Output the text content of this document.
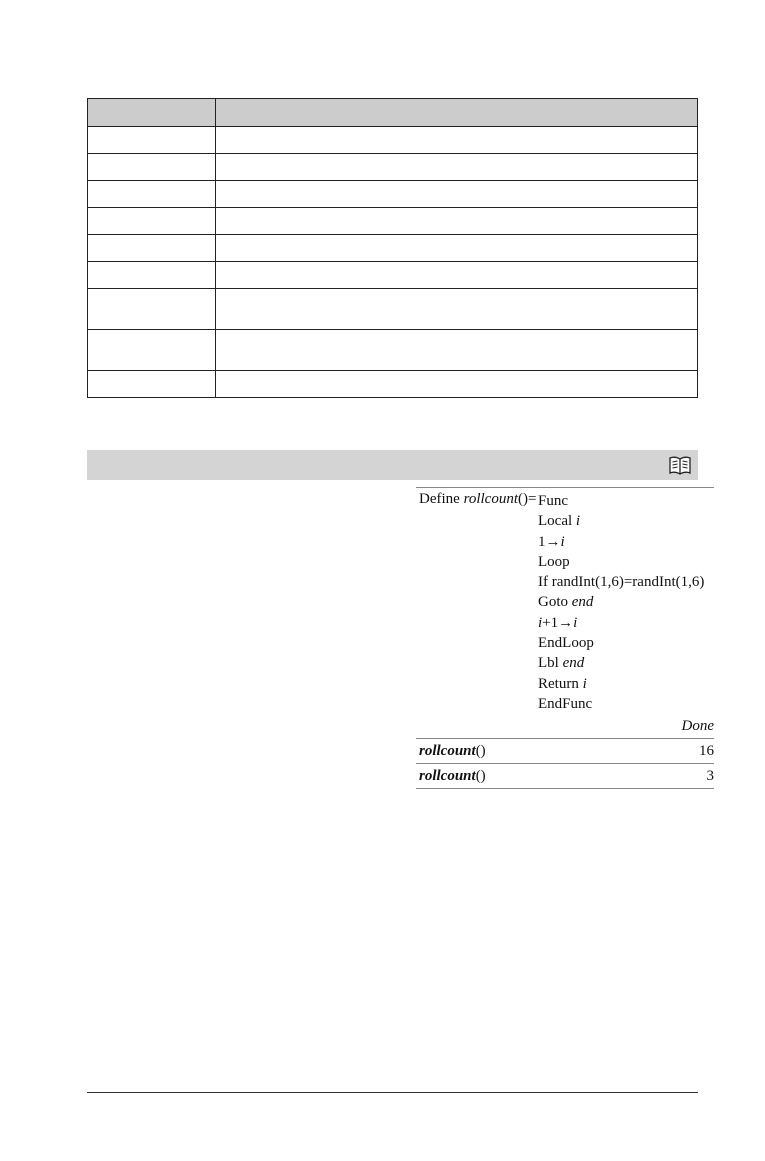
Define rollcount()= Func
Local i
1→i
Loop
If randInt(1,6)=randInt(1,6)
Goto end
i+1→i
EndLoop
Lbl end
Return i
EndFunc
Done
rollcount()	16
rollcount()	3
